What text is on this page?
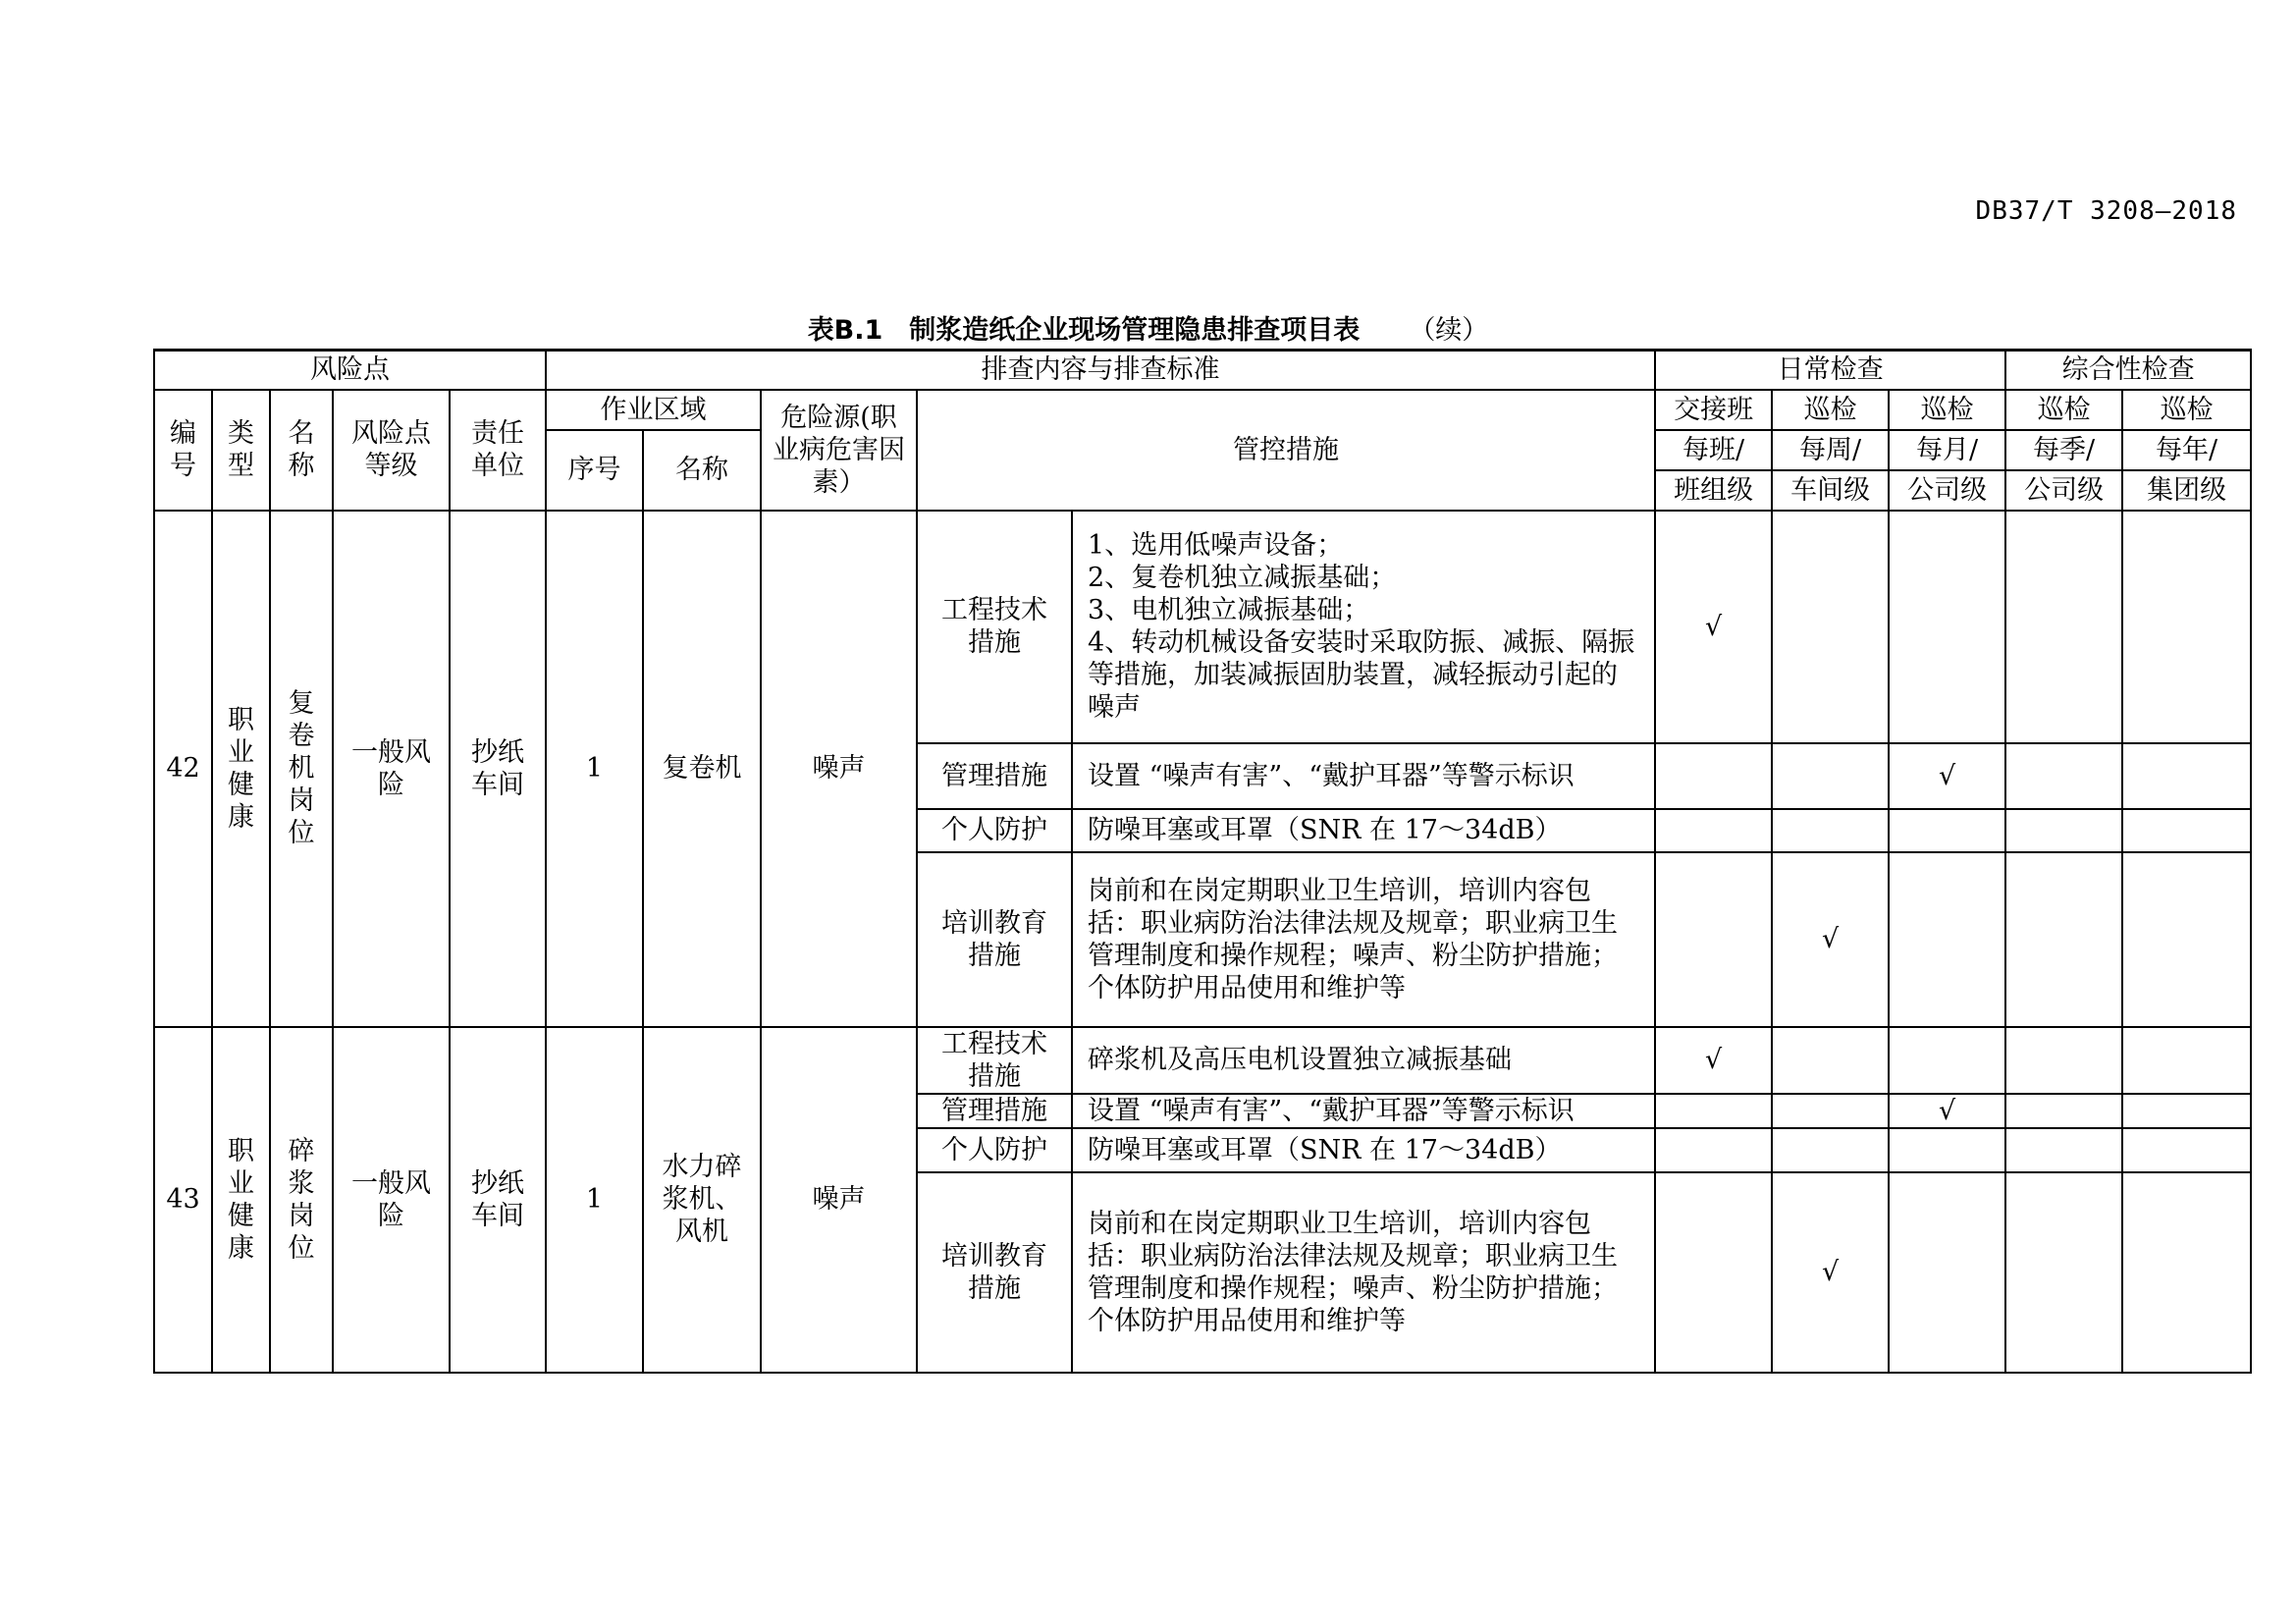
DB37/T 3208—2018
表B.1　制浆造纸企业现场管理隐患排查项目表 （续）
风险点					排查内容与排查标准					日常检查			综合性检查	

编号	类型	名称	风险点等级	责任单位	作业区域		危险源(职业病危害因素）	管控措施		交接班	巡检	巡检	巡检	巡检
					序号	名称				每班/	每周/	每月/	每季/	每年/
										班组级	车间级	公司级	公司级	集团级
42	职业健康	复卷机岗位	一般风险	抄纸车间	1	复卷机	噪声	工程技术措施	1、选用低噪声设备；
2、复卷机独立减振基础；
3、电机独立减振基础；
4、转动机械设备安装时采取防振、减振、隔振等措施，加装减振固肋装置，减轻振动引起的噪声	√				
								管理措施	设置 “噪声有害”、“戴护耳器”等警示标识			√		
								个人防护	防噪耳塞或耳罩（SNR 在 17～34dB）					
								培训教育措施	岗前和在岗定期职业卫生培训，培训内容包括：职业病防治法律法规及规章；职业病卫生管理制度和操作规程；噪声、粉尘防护措施；个体防护用品使用和维护等		√			
43	职业健康	碎浆岗位	一般风险	抄纸车间	1	水力碎浆机、风机	噪声	工程技术措施	碎浆机及高压电机设置独立减振基础	√				
								管理措施	设置 “噪声有害”、“戴护耳器”等警示标识			√		
								个人防护	防噪耳塞或耳罩（SNR 在 17～34dB）					
								培训教育措施	岗前和在岗定期职业卫生培训，培训内容包括：职业病防治法律法规及规章；职业病卫生管理制度和操作规程；噪声、粉尘防护措施；个体防护用品使用和维护等		√			
